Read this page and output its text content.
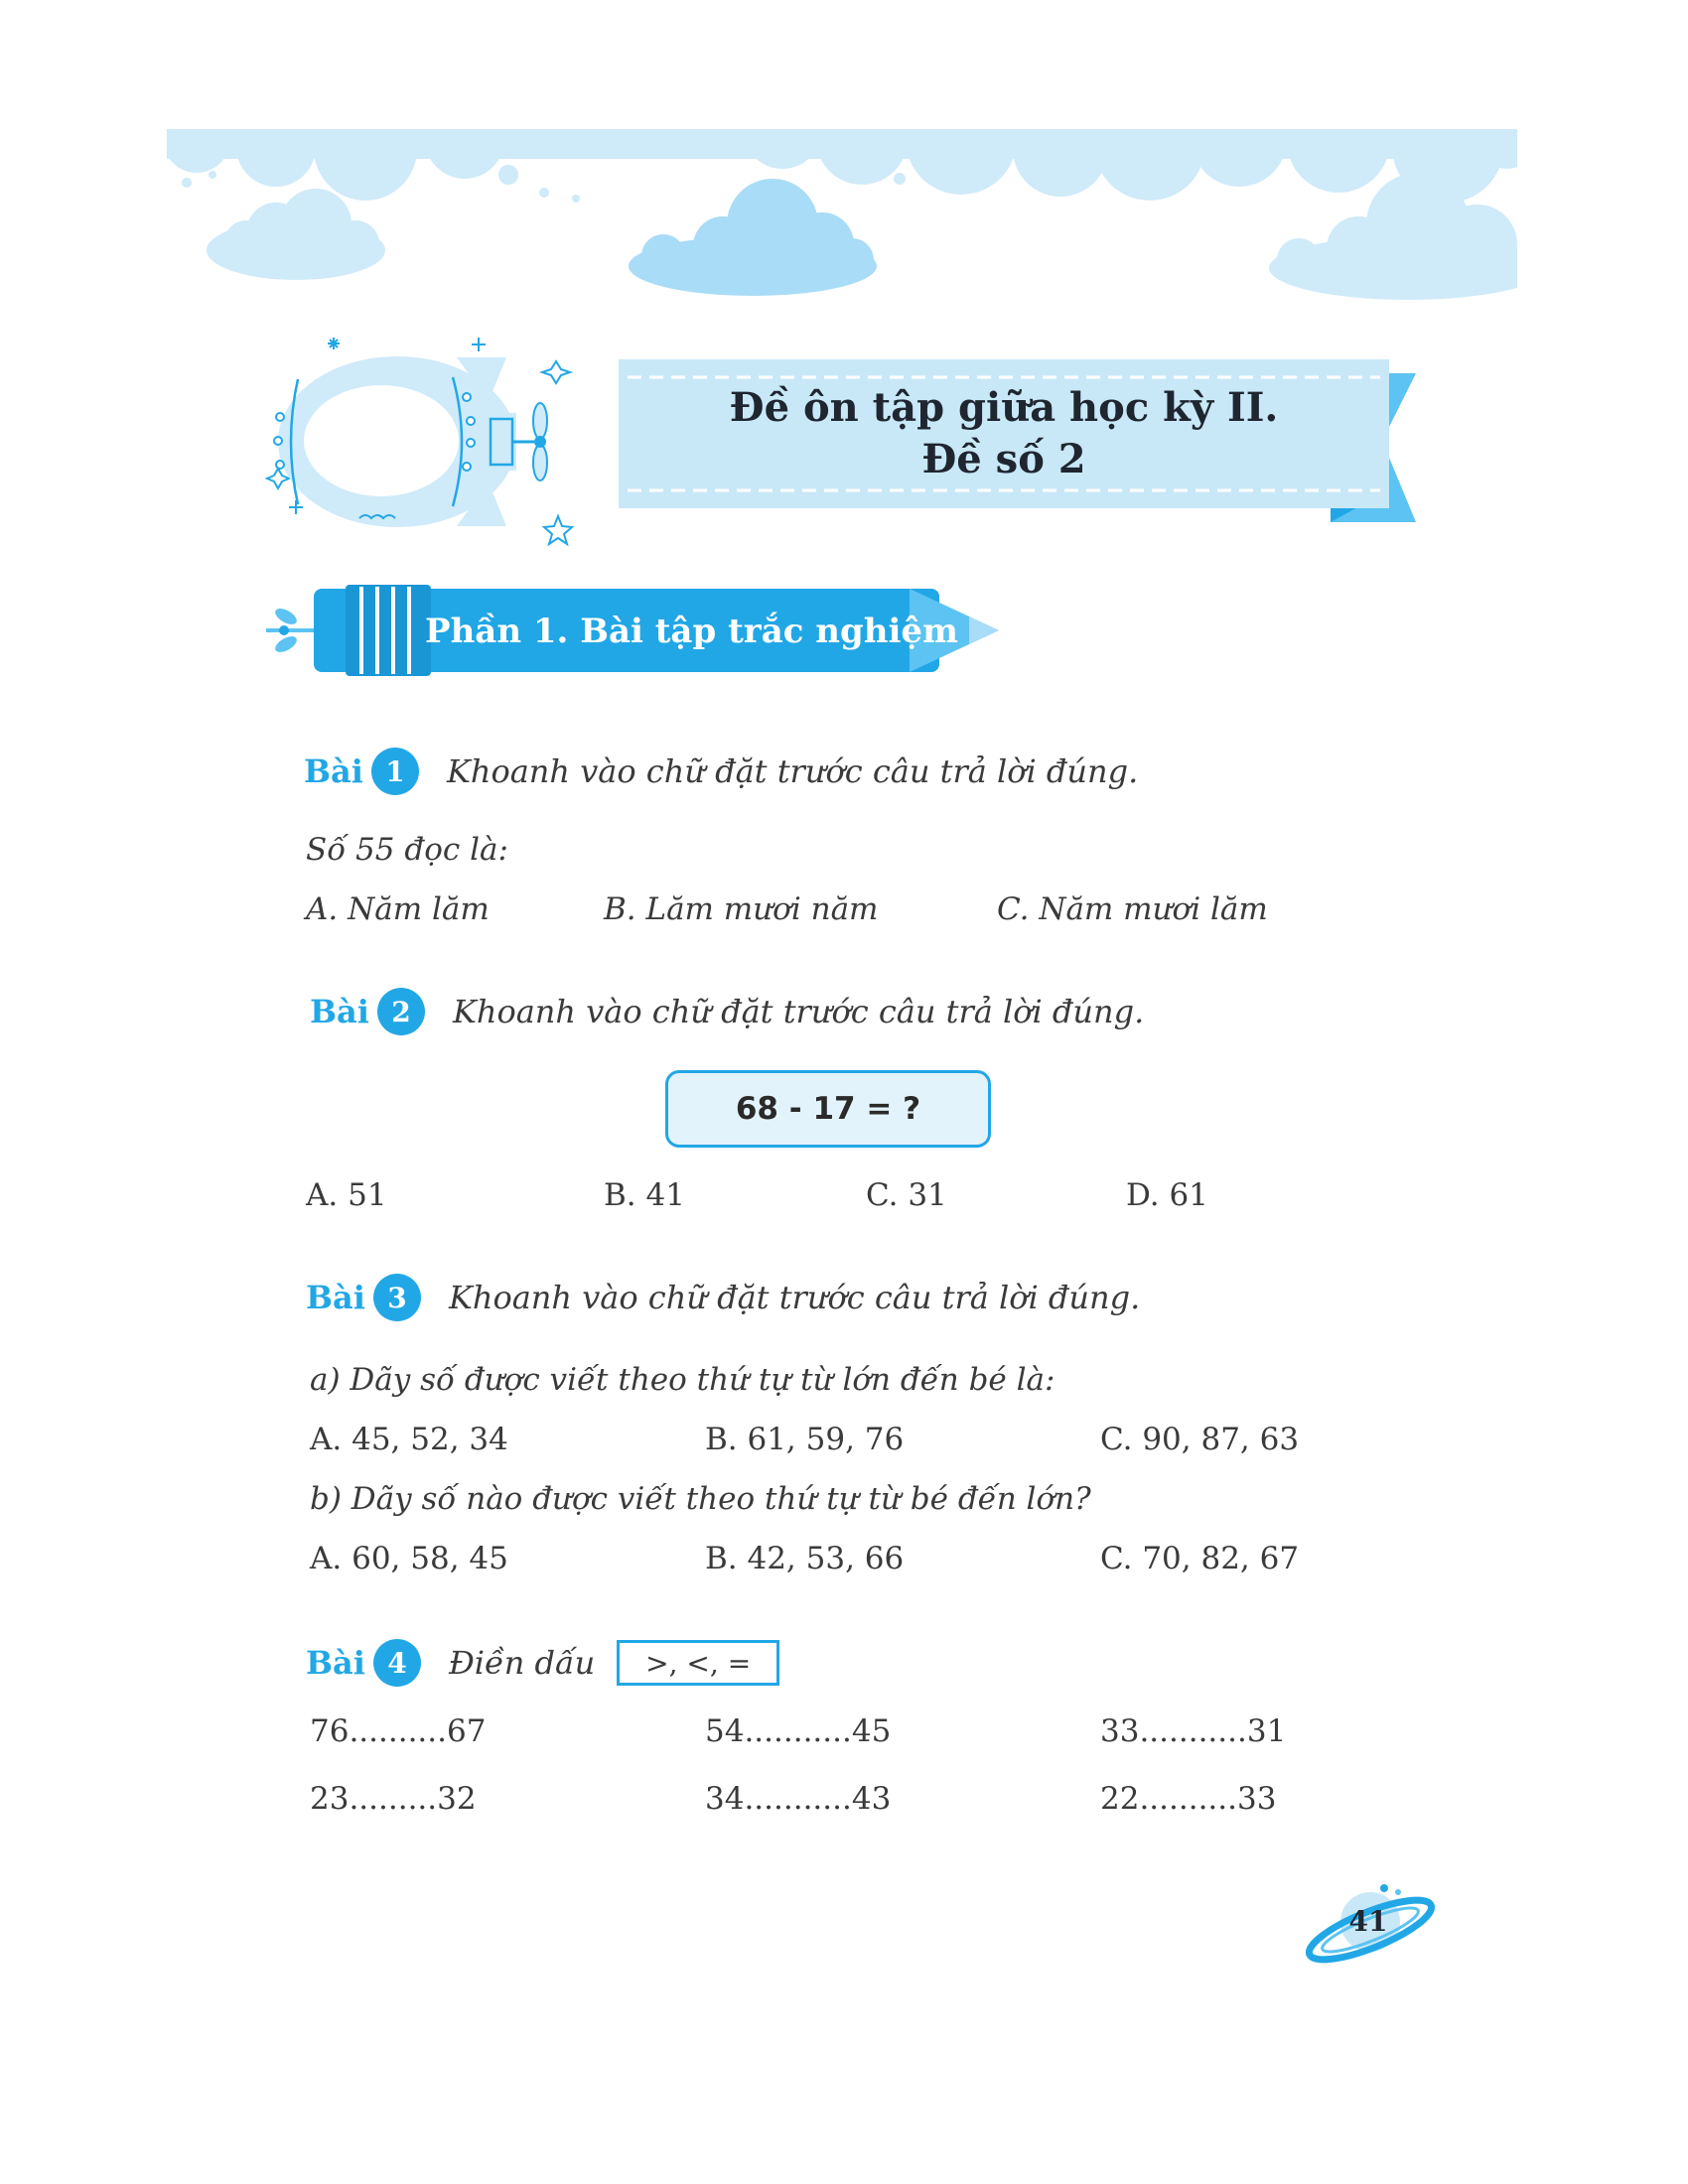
Đề ôn tập giữa học kỳ II.
Đề số 2
Phần 1. Bài tập trắc nghiệm
Bài 1	Khoanh vào chữ đặt trước câu trả lời đúng.
Số 55 đọc là:
A. Năm lăm	B. Lăm mươi năm	C. Năm mươi lăm
Bài 2	Khoanh vào chữ đặt trước câu trả lời đúng.
68 - 17 = ?
A. 51	B. 41	C. 31	D. 61
Bài 3	Khoanh vào chữ đặt trước câu trả lời đúng.
a) Dãy số được viết theo thứ tự từ lớn đến bé là:
A. 45, 52, 34	B. 61, 59, 76	C. 90, 87, 63
b) Dãy số nào được viết theo thứ tự từ bé đến lớn?
A. 60, 58, 45	B. 42, 53, 66	C. 70, 82, 67
Bài 4	Điền dấu	>, <, =
76..........67	54...........45	33...........31
23.........32	34...........43	22..........33
41
